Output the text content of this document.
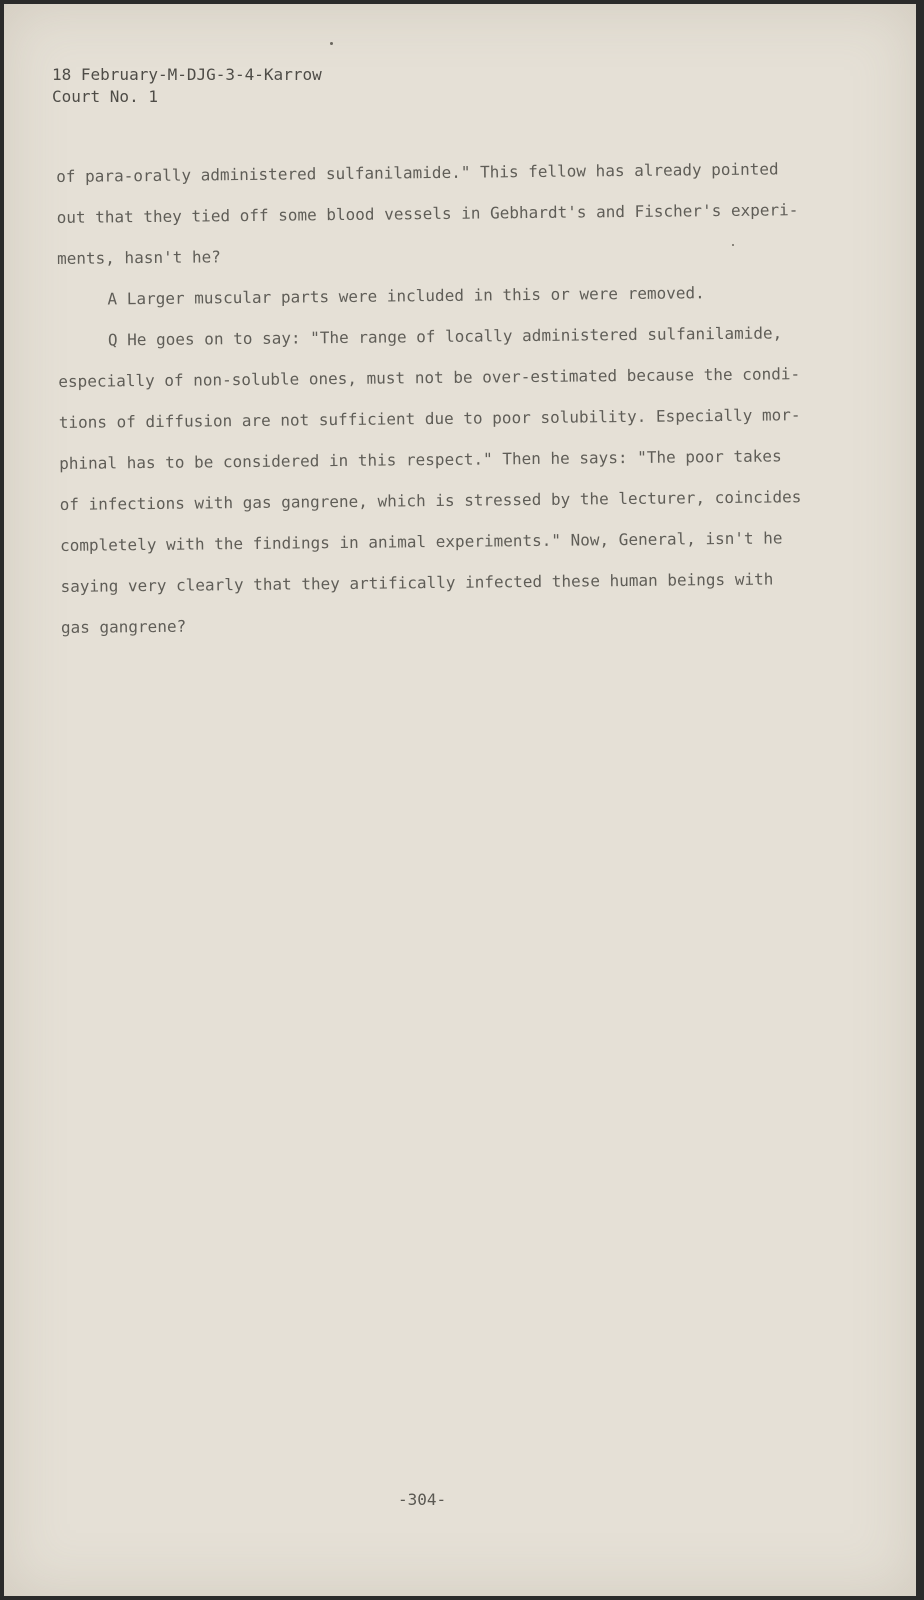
18 February-M-DJG-3-4-Karrow
Court No. 1
of para-orally administered sulfanilamide." This fellow has already pointed
out that they tied off some blood vessels in Gebhardt's and Fischer's experi-
ments, hasn't he?
A Larger muscular parts were included in this or were removed.
Q He goes on to say: "The range of locally administered sulfanilamide,
especially of non-soluble ones, must not be over-estimated because the condi-
tions of diffusion are not sufficient due to poor solubility. Especially mor-
phinal has to be considered in this respect." Then he says: "The poor takes
of infections with gas gangrene, which is stressed by the lecturer, coincides
completely with the findings in animal experiments." Now, General, isn't he
saying very clearly that they artifically infected these human beings with
gas gangrene?
-304-
